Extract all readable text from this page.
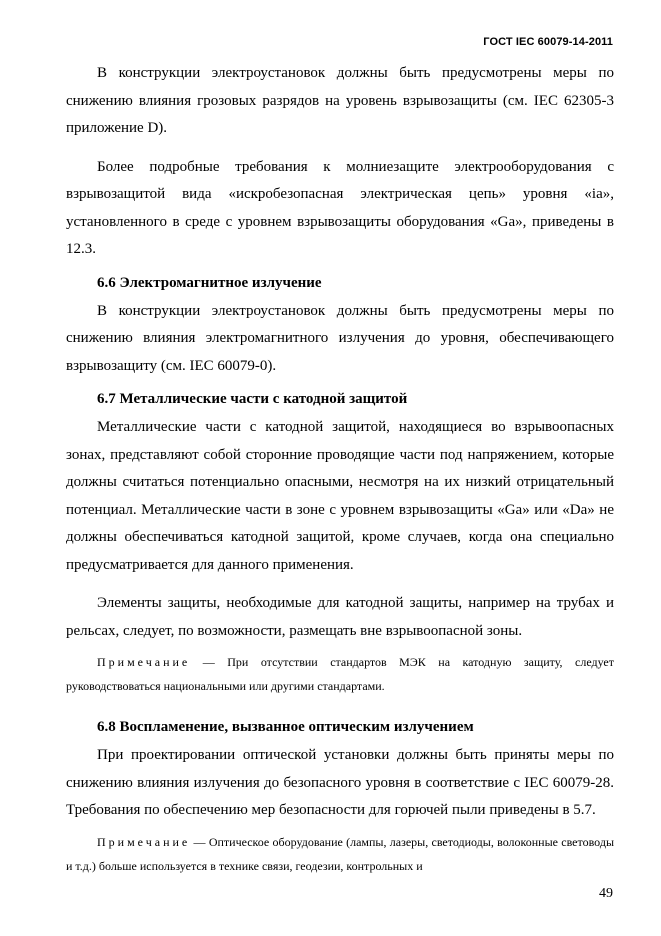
ГОСТ IEC 60079-14-2011

В конструкции электроустановок должны быть предусмотрены меры по снижению влияния грозовых разрядов на уровень взрывозащиты (см. IEC 62305-3 приложение D).

Более подробные требования к молниезащите электрооборудования с взрывозащитой вида «искробезопасная электрическая цепь» уровня «ia», установленного в среде с уровнем взрывозащиты оборудования «Ga», приведены в 12.3.

6.6 Электромагнитное излучение

В конструкции электроустановок должны быть предусмотрены меры по снижению влияния электромагнитного излучения до уровня, обеспечивающего взрывозащиту (см. IEC 60079-0).

6.7 Металлические части с катодной защитой

Металлические части с катодной защитой, находящиеся во взрывоопасных зонах, представляют собой сторонние проводящие части под напряжением, которые должны считаться потенциально опасными, несмотря на их низкий отрицательный потенциал. Металлические части в зоне с уровнем взрывозащиты «Ga» или «Da» не должны обеспечиваться катодной защитой, кроме случаев, когда она специально предусматривается для данного применения.

Элементы защиты, необходимые для катодной защиты, например на трубах и рельсах, следует, по возможности, размещать вне взрывоопасной зоны.

Примечание — При отсутствии стандартов МЭК на катодную защиту, следует руководствоваться национальными или другими стандартами.

6.8 Воспламенение, вызванное оптическим излучением

При проектировании оптической установки должны быть приняты меры по снижению влияния излучения до безопасного уровня в соответствие с IEC 60079-28. Требования по обеспечению мер безопасности для горючей пыли приведены в 5.7.

Примечание — Оптическое оборудование (лампы, лазеры, светодиоды, волоконные световоды и т.д.) больше используется в технике связи, геодезии, контрольных и

49
